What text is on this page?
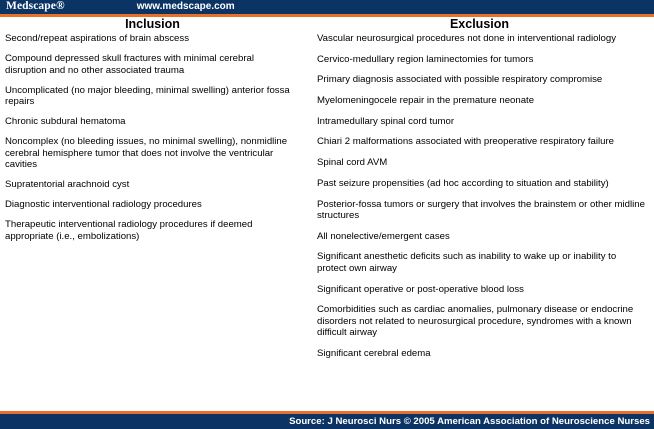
Medscape®	www.medscape.com
Inclusion	Exclusion
Second/repeat aspirations of brain abscess
Compound depressed skull fractures with minimal cerebral disruption and no other associated trauma
Uncomplicated (no major bleeding, minimal swelling) anterior fossa repairs
Chronic subdural hematoma
Noncomplex (no bleeding issues, no minimal swelling), nonmidline cerebral hemisphere tumor that does not involve the ventricular cavities
Supratentorial arachnoid cyst
Diagnostic interventional radiology procedures
Therapeutic interventional radiology procedures if deemed appropriate (i.e., embolizations)
Vascular neurosurgical procedures not done in interventional radiology
Cervico-medullary region laminectomies for tumors
Primary diagnosis associated with possible respiratory compromise
Myelomeningocele repair in the premature neonate
Intramedullary spinal cord tumor
Chiari 2 malformations associated with preoperative respiratory failure
Spinal cord AVM
Past seizure propensities (ad hoc according to situation and stability)
Posterior-fossa tumors or surgery that involves the brainstem or other midline structures
All nonelective/emergent cases
Significant anesthetic deficits such as inability to wake up or inability to protect own airway
Significant operative or post-operative blood loss
Comorbidities such as cardiac anomalies, pulmonary disease or endocrine disorders not related to neurosurgical procedure, syndromes with a known difficult airway
Significant cerebral edema
Source: J Neurosci Nurs © 2005 American Association of Neuroscience Nurses
